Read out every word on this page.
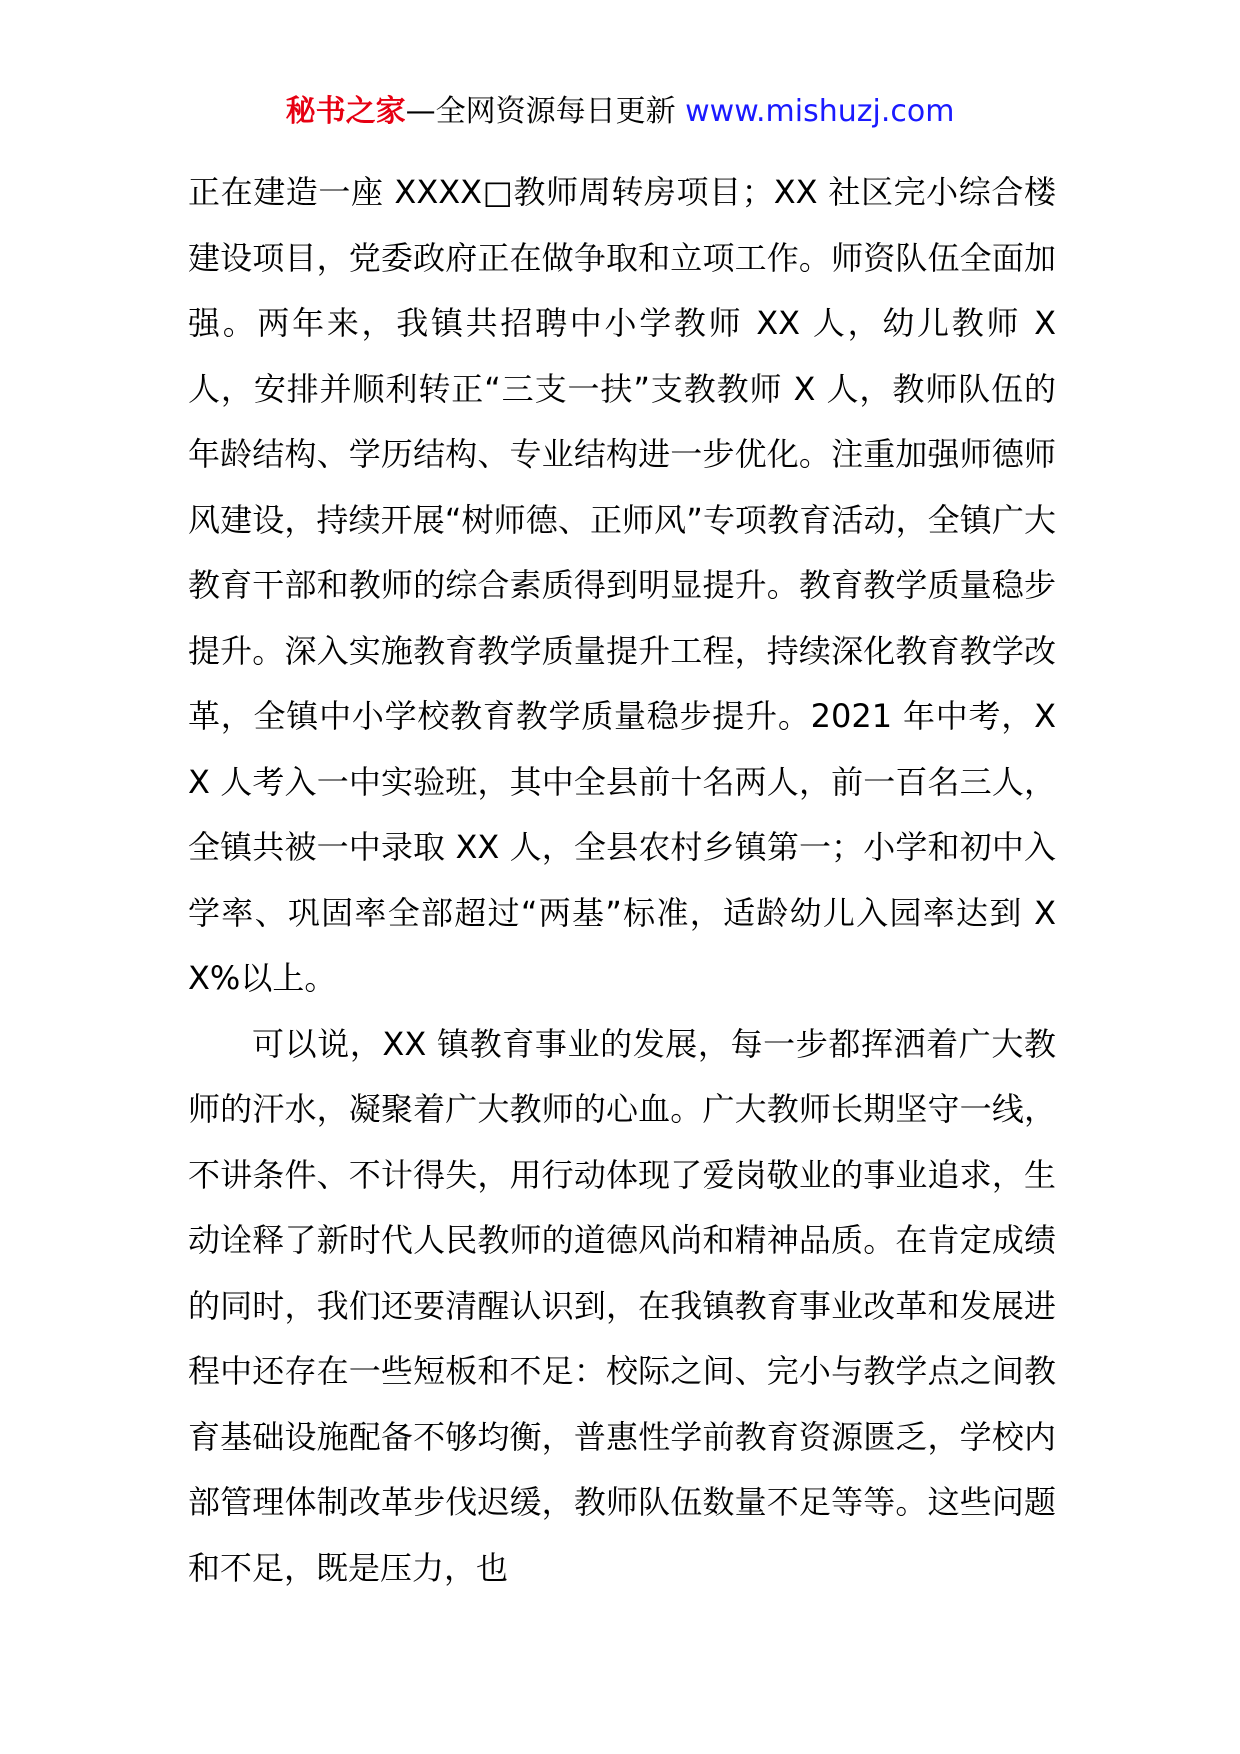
秘书之家—全网资源每日更新 www.mishuzj.com

正在建造一座 XXXX□教师周转房项目；XX 社区完小综合楼建设项目，党委政府正在做争取和立项工作。师资队伍全面加强。两年来，我镇共招聘中小学教师 XX 人，幼儿教师 X 人，安排并顺利转正“三支一扶”支教教师 X 人，教师队伍的年龄结构、学历结构、专业结构进一步优化。注重加强师德师风建设，持续开展“树师德、正师风”专项教育活动，全镇广大教育干部和教师的综合素质得到明显提升。教育教学质量稳步提升。深入实施教育教学质量提升工程，持续深化教育教学改革，全镇中小学校教育教学质量稳步提升。2021 年中考，XX 人考入一中实验班，其中全县前十名两人，前一百名三人，全镇共被一中录取 XX 人，全县农村乡镇第一；小学和初中入学率、巩固率全部超过“两基”标准，适龄幼儿入园率达到 XX%以上。

可以说，XX 镇教育事业的发展，每一步都挥洒着广大教师的汗水，凝聚着广大教师的心血。广大教师长期坚守一线，不讲条件、不计得失，用行动体现了爱岗敬业的事业追求，生动诠释了新时代人民教师的道德风尚和精神品质。在肯定成绩的同时，我们还要清醒认识到，在我镇教育事业改革和发展进程中还存在一些短板和不足：校际之间、完小与教学点之间教育基础设施配备不够均衡，普惠性学前教育资源匮乏，学校内部管理体制改革步伐迟缓，教师队伍数量不足等等。这些问题和不足，既是压力，也
